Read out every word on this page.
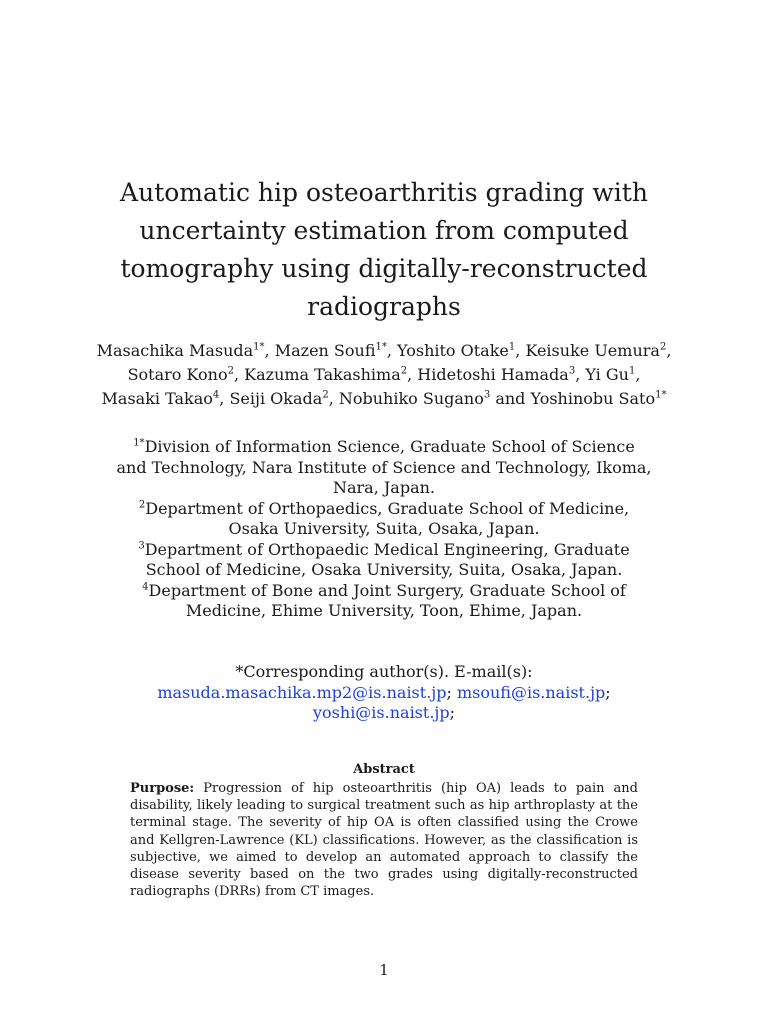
Automatic hip osteoarthritis grading with uncertainty estimation from computed tomography using digitally-reconstructed radiographs
Masachika Masuda$^{1*}$, Mazen Soufi$^{1*}$, Yoshito Otake$^1$, Keisuke Uemura$^2$, Sotaro Kono$^2$, Kazuma Takashima$^2$, Hidetoshi Hamada$^3$, Yi Gu$^1$, Masaki Takao$^4$, Seiji Okada$^2$, Nobuhiko Sugano$^3$ and Yoshinobu Sato$^{1*}$
$^{1*}$Division of Information Science, Graduate School of Science and Technology, Nara Institute of Science and Technology, Ikoma, Nara, Japan.
$^2$Department of Orthopaedics, Graduate School of Medicine, Osaka University, Suita, Osaka, Japan.
$^3$Department of Orthopaedic Medical Engineering, Graduate School of Medicine, Osaka University, Suita, Osaka, Japan.
$^4$Department of Bone and Joint Surgery, Graduate School of Medicine, Ehime University, Toon, Ehime, Japan.
*Corresponding author(s). E-mail(s):
masuda.masachika.mp2@is.naist.jp; msoufi@is.naist.jp;
yoshi@is.naist.jp;
Abstract
Purpose: Progression of hip osteoarthritis (hip OA) leads to pain and disability, likely leading to surgical treatment such as hip arthroplasty at the terminal stage. The severity of hip OA is often classified using the Crowe and Kellgren-Lawrence (KL) classifications. However, as the classification is subjective, we aimed to develop an automated approach to classify the disease severity based on the two grades using digitally-reconstructed radiographs (DRRs) from CT images.
1
